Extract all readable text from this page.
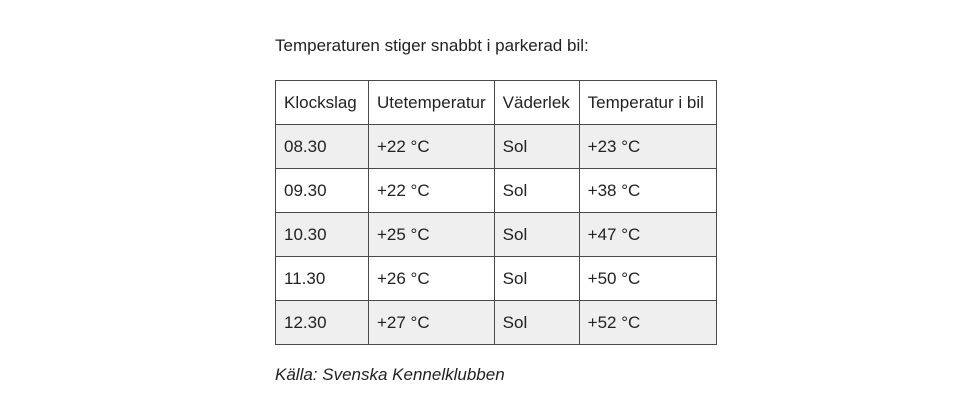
Temperaturen stiger snabbt i parkerad bil:
Klockslag	Utetemperatur	Väderlek	Temperatur i bil
08.30	+22 °C	Sol	+23 °C
09.30	+22 °C	Sol	+38 °C
10.30	+25 °C	Sol	+47 °C
11.30	+26 °C	Sol	+50 °C
12.30	+27 °C	Sol	+52 °C
Källa: Svenska Kennelklubben
